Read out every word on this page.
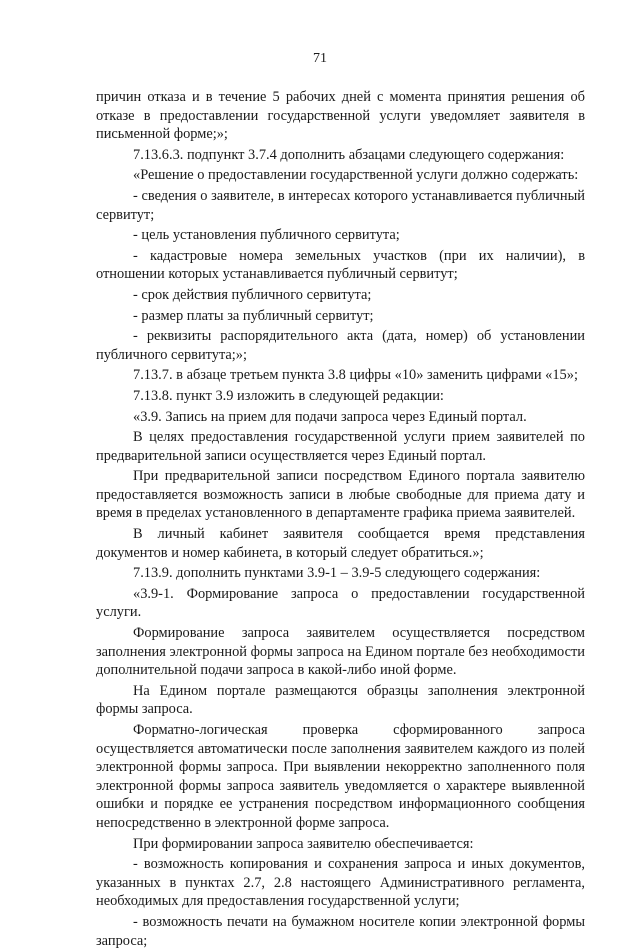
71

причин отказа и в течение 5 рабочих дней с момента принятия решения об отказе в предоставлении государственной услуги уведомляет заявителя в письменной форме;»;

7.13.6.3. подпункт 3.7.4 дополнить абзацами следующего содержания:

«Решение о предоставлении государственной услуги должно содержать:

- сведения о заявителе, в интересах которого устанавливается публичный сервитут;

- цель установления публичного сервитута;

- кадастровые номера земельных участков (при их наличии), в отношении которых устанавливается публичный сервитут;

- срок действия публичного сервитута;

- размер платы за публичный сервитут;

- реквизиты распорядительного акта (дата, номер) об установлении публичного сервитута;»;

7.13.7. в абзаце третьем пункта 3.8 цифры «10» заменить цифрами «15»;

7.13.8. пункт 3.9 изложить в следующей редакции:

«3.9. Запись на прием для подачи запроса через Единый портал.

В целях предоставления государственной услуги прием заявителей по предварительной записи осуществляется через Единый портал.

При предварительной записи посредством Единого портала заявителю предоставляется возможность записи в любые свободные для приема дату и время в пределах установленного в департаменте графика приема заявителей.

В личный кабинет заявителя сообщается время представления документов и номер кабинета, в который следует обратиться.»;

7.13.9. дополнить пунктами 3.9-1 – 3.9-5 следующего содержания:

«3.9-1. Формирование запроса о предоставлении государственной услуги.

Формирование запроса заявителем осуществляется посредством заполнения электронной формы запроса на Едином портале без необходимости дополнительной подачи запроса в какой-либо иной форме.

На Едином портале размещаются образцы заполнения электронной формы запроса.

Форматно-логическая проверка сформированного запроса осуществляется автоматически после заполнения заявителем каждого из полей электронной формы запроса. При выявлении некорректно заполненного поля электронной формы запроса заявитель уведомляется о характере выявленной ошибки и порядке ее устранения посредством информационного сообщения непосредственно в электронной форме запроса.

При формировании запроса заявителю обеспечивается:

- возможность копирования и сохранения запроса и иных документов, указанных в пунктах 2.7, 2.8 настоящего Административного регламента, необходимых для предоставления государственной услуги;

- возможность печати на бумажном носителе копии электронной формы запроса;
